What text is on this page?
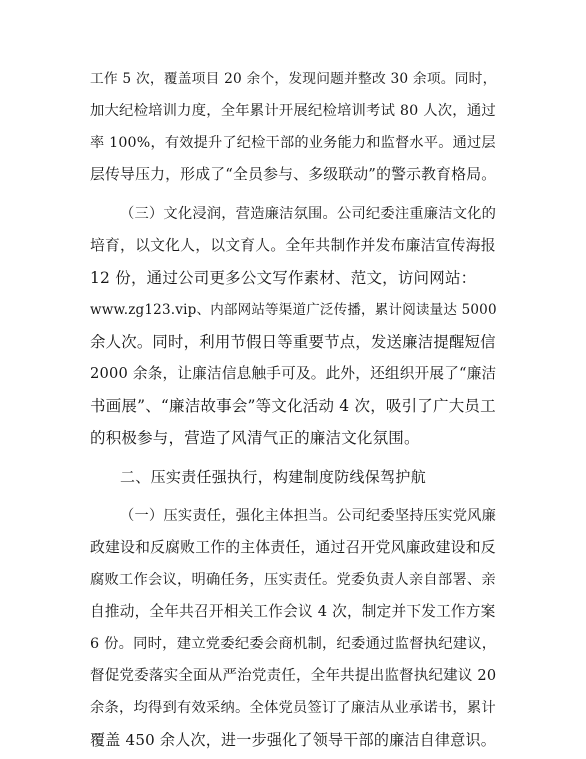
工作 5 次，覆盖项目 20 余个，发现问题并整改 30 余项。同时，
加大纪检培训力度，全年累计开展纪检培训考试 80 人次，通过
率 100%，有效提升了纪检干部的业务能力和监督水平。通过层
层传导压力，形成了“全员参与、多级联动”的警示教育格局。
（三）文化浸润，营造廉洁氛围。公司纪委注重廉洁文化的
培育，以文化人，以文育人。全年共制作并发布廉洁宣传海报
12 份，通过公司更多公文写作素材、范文，访问网站：
www.zg123.vip、内部网站等渠道广泛传播，累计阅读量达 5000
余人次。同时，利用节假日等重要节点，发送廉洁提醒短信
2000 余条，让廉洁信息触手可及。此外，还组织开展了“廉洁
书画展”、“廉洁故事会”等文化活动 4 次，吸引了广大员工
的积极参与，营造了风清气正的廉洁文化氛围。
二、压实责任强执行，构建制度防线保驾护航
（一）压实责任，强化主体担当。公司纪委坚持压实党风廉
政建设和反腐败工作的主体责任，通过召开党风廉政建设和反
腐败工作会议，明确任务，压实责任。党委负责人亲自部署、亲
自推动，全年共召开相关工作会议 4 次，制定并下发工作方案
6 份。同时，建立党委纪委会商机制，纪委通过监督执纪建议，
督促党委落实全面从严治党责任，全年共提出监督执纪建议 20
余条，均得到有效采纳。全体党员签订了廉洁从业承诺书，累计
覆盖 450 余人次，进一步强化了领导干部的廉洁自律意识。
